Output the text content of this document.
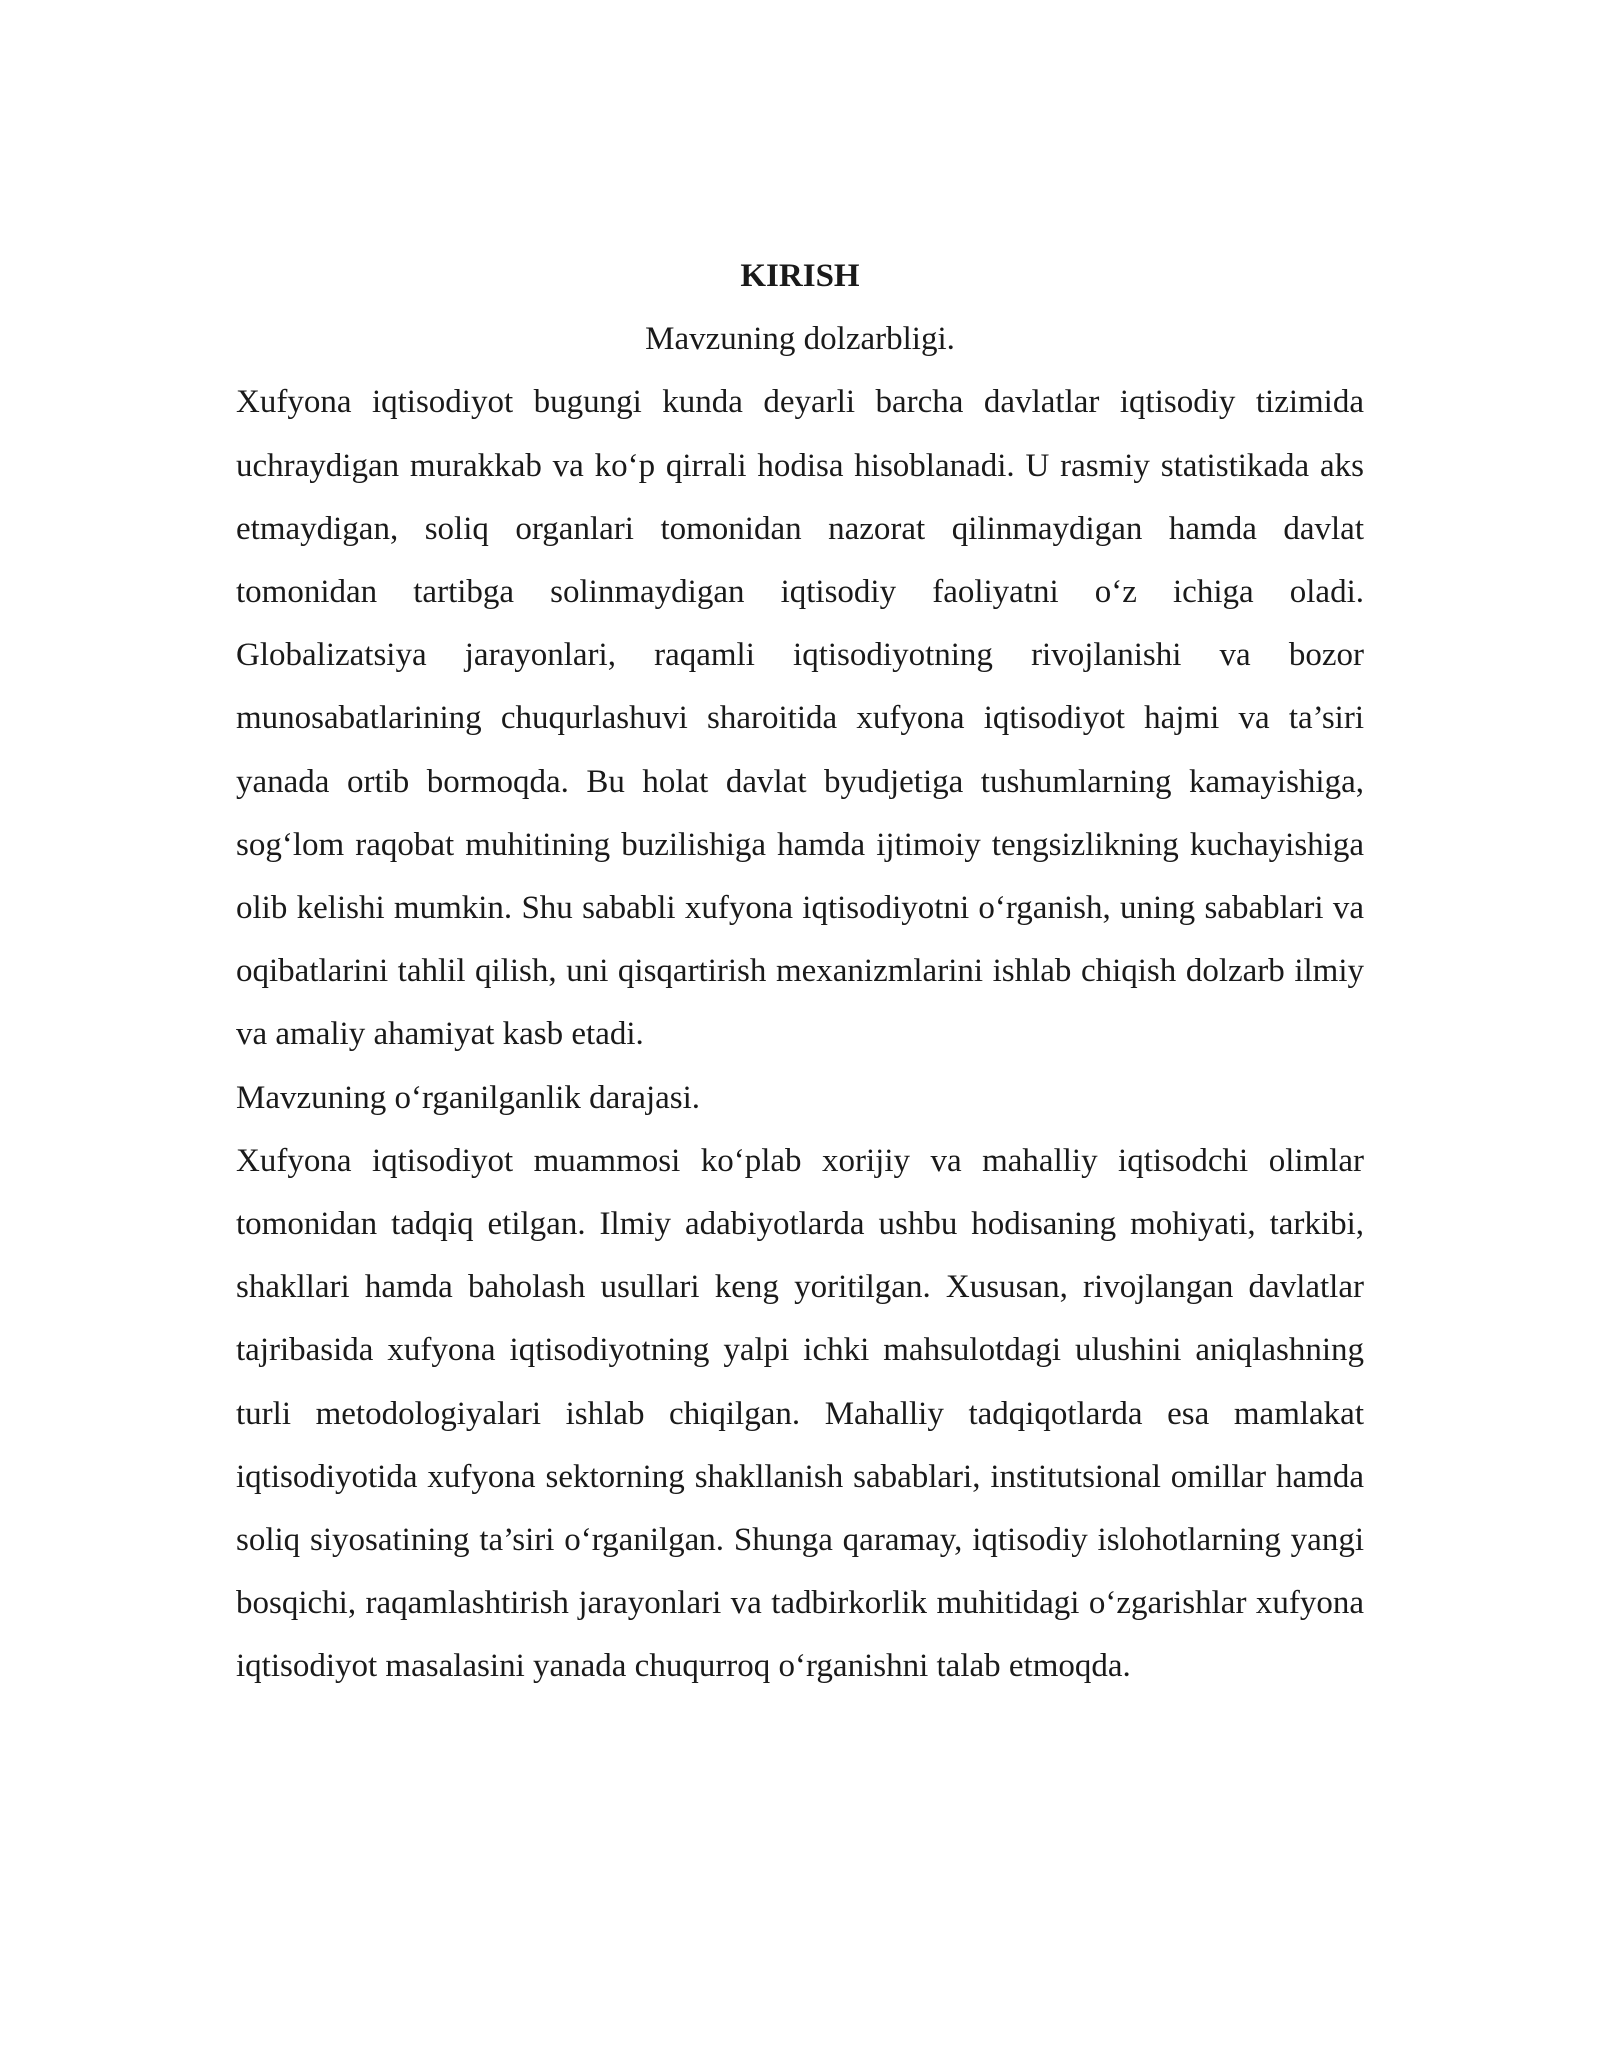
KIRISH

Mavzuning dolzarbligi.

Xufyona iqtisodiyot bugungi kunda deyarli barcha davlatlar iqtisodiy tizimida uchraydigan murakkab va ko‘p qirrali hodisa hisoblanadi. U rasmiy statistikada aks etmaydigan, soliq organlari tomonidan nazorat qilinmaydigan hamda davlat tomonidan tartibga solinmaydigan iqtisodiy faoliyatni o‘z ichiga oladi. Globalizatsiya jarayonlari, raqamli iqtisodiyotning rivojlanishi va bozor munosabatlarining chuqurlashuvi sharoitida xufyona iqtisodiyot hajmi va ta’siri yanada ortib bormoqda. Bu holat davlat byudjetiga tushumlarning kamayishiga, sog‘lom raqobat muhitining buzilishiga hamda ijtimoiy tengsizlikning kuchayishiga olib kelishi mumkin. Shu sababli xufyona iqtisodiyotni o‘rganish, uning sabablari va oqibatlarini tahlil qilish, uni qisqartirish mexanizmlarini ishlab chiqish dolzarb ilmiy va amaliy ahamiyat kasb etadi.

Mavzuning o‘rganilganlik darajasi.

Xufyona iqtisodiyot muammosi ko‘plab xorijiy va mahalliy iqtisodchi olimlar tomonidan tadqiq etilgan. Ilmiy adabiyotlarda ushbu hodisaning mohiyati, tarkibi, shakllari hamda baholash usullari keng yoritilgan. Xususan, rivojlangan davlatlar tajribasida xufyona iqtisodiyotning yalpi ichki mahsulotdagi ulushini aniqlashning turli metodologiyalari ishlab chiqilgan. Mahalliy tadqiqotlarda esa mamlakat iqtisodiyotida xufyona sektorning shakllanish sabablari, institutsional omillar hamda soliq siyosatining ta’siri o‘rganilgan. Shunga qaramay, iqtisodiy islohotlarning yangi bosqichi, raqamlashtirish jarayonlari va tadbirkorlik muhitidagi o‘zgarishlar xufyona iqtisodiyot masalasini yanada chuqurroq o‘rganishni talab etmoqda.
